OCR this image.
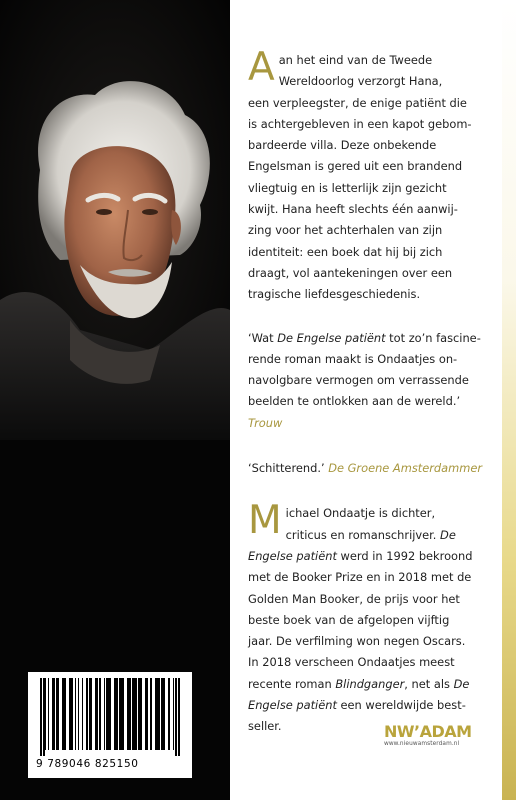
9 789046 825150
A an het eind van de Tweede
Wereldoorlog verzorgt Hana,
een verpleegster, de enige patiënt die
is achtergebleven in een kapot gebom-
bardeerde villa. Deze onbekende
Engelsman is gered uit een brandend
vliegtuig en is letterlijk zijn gezicht
kwijt. Hana heeft slechts één aanwij-
zing voor het achterhalen van zijn
identiteit: een boek dat hij bij zich
draagt, vol aantekeningen over een
tragische liefdesgeschiedenis.
‘Wat De Engelse patiënt tot zo’n fascine-
rende roman maakt is Ondaatjes on-
navolgbare vermogen om verrassende
beelden te ontlokken aan de wereld.’
Trouw
‘Schitterend.’ De Groene Amsterdammer
M ichael Ondaatje is dichter,
criticus en romanschrijver. De
Engelse patiënt werd in 1992 bekroond
met de Booker Prize en in 2018 met de
Golden Man Booker, de prijs voor het
beste boek van de afgelopen vijftig
jaar. De verfilming won negen Oscars.
In 2018 verscheen Ondaatjes meest
recente roman Blindganger, net als De
Engelse patiënt een wereldwijde best-
seller.	NW’ADAM
www.nieuwamsterdam.nl
